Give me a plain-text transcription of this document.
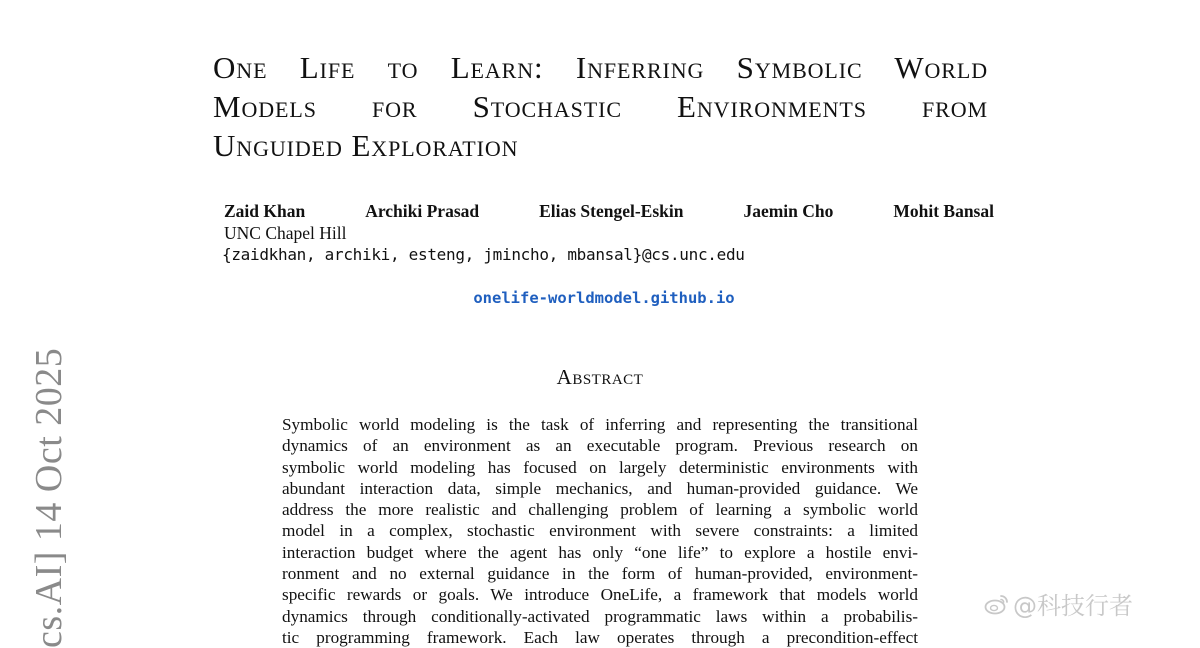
One Life to Learn: Inferring Symbolic World
Models for Stochastic Environments from
Unguided Exploration
Zaid Khan	Archiki Prasad	Elias Stengel-Eskin	Jaemin Cho	Mohit Bansal
UNC Chapel Hill
{zaidkhan, archiki, esteng, jmincho, mbansal}@cs.unc.edu
onelife-worldmodel.github.io
Abstract
Symbolic world modeling is the task of inferring and representing the transitional
dynamics of an environment as an executable program. Previous research on
symbolic world modeling has focused on largely deterministic environments with
abundant interaction data, simple mechanics, and human-provided guidance. We
address the more realistic and challenging problem of learning a symbolic world
model in a complex, stochastic environment with severe constraints: a limited
interaction budget where the agent has only “one life” to explore a hostile envi-
ronment and no external guidance in the form of human-provided, environment-
specific rewards or goals. We introduce OneLife, a framework that models world
dynamics through conditionally-activated programmatic laws within a probabilis-
tic programming framework. Each law operates through a precondition-effect
cs.AI] 14 Oct 2025	@科技行者
